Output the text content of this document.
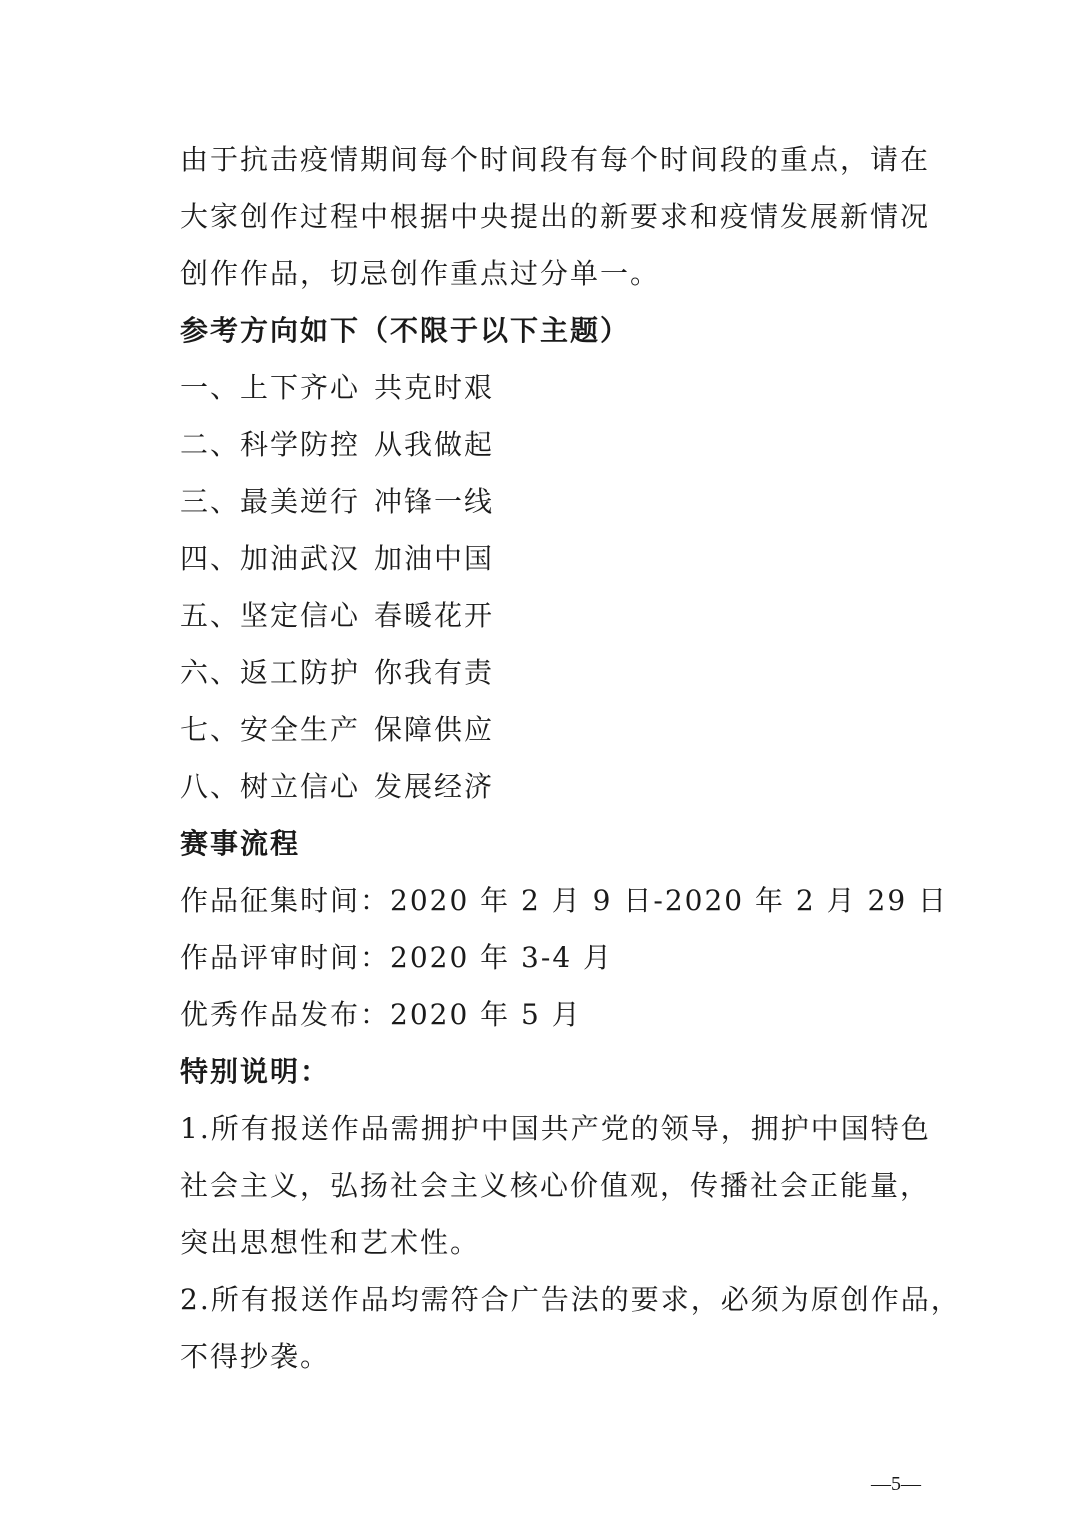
由于抗击疫情期间每个时间段有每个时间段的重点，请在
大家创作过程中根据中央提出的新要求和疫情发展新情况
创作作品，切忌创作重点过分单一。
参考方向如下（不限于以下主题）
一、上下齐心 共克时艰
二、科学防控 从我做起
三、最美逆行 冲锋一线
四、加油武汉 加油中国
五、坚定信心 春暖花开
六、返工防护 你我有责
七、安全生产 保障供应
八、树立信心 发展经济
赛事流程
作品征集时间：2020 年 2 月 9 日-2020 年 2 月 29 日
作品评审时间：2020 年 3-4 月
优秀作品发布：2020 年 5 月
特别说明：
1.所有报送作品需拥护中国共产党的领导，拥护中国特色
社会主义，弘扬社会主义核心价值观，传播社会正能量，
突出思想性和艺术性。
2.所有报送作品均需符合广告法的要求，必须为原创作品，
不得抄袭。
—5—
